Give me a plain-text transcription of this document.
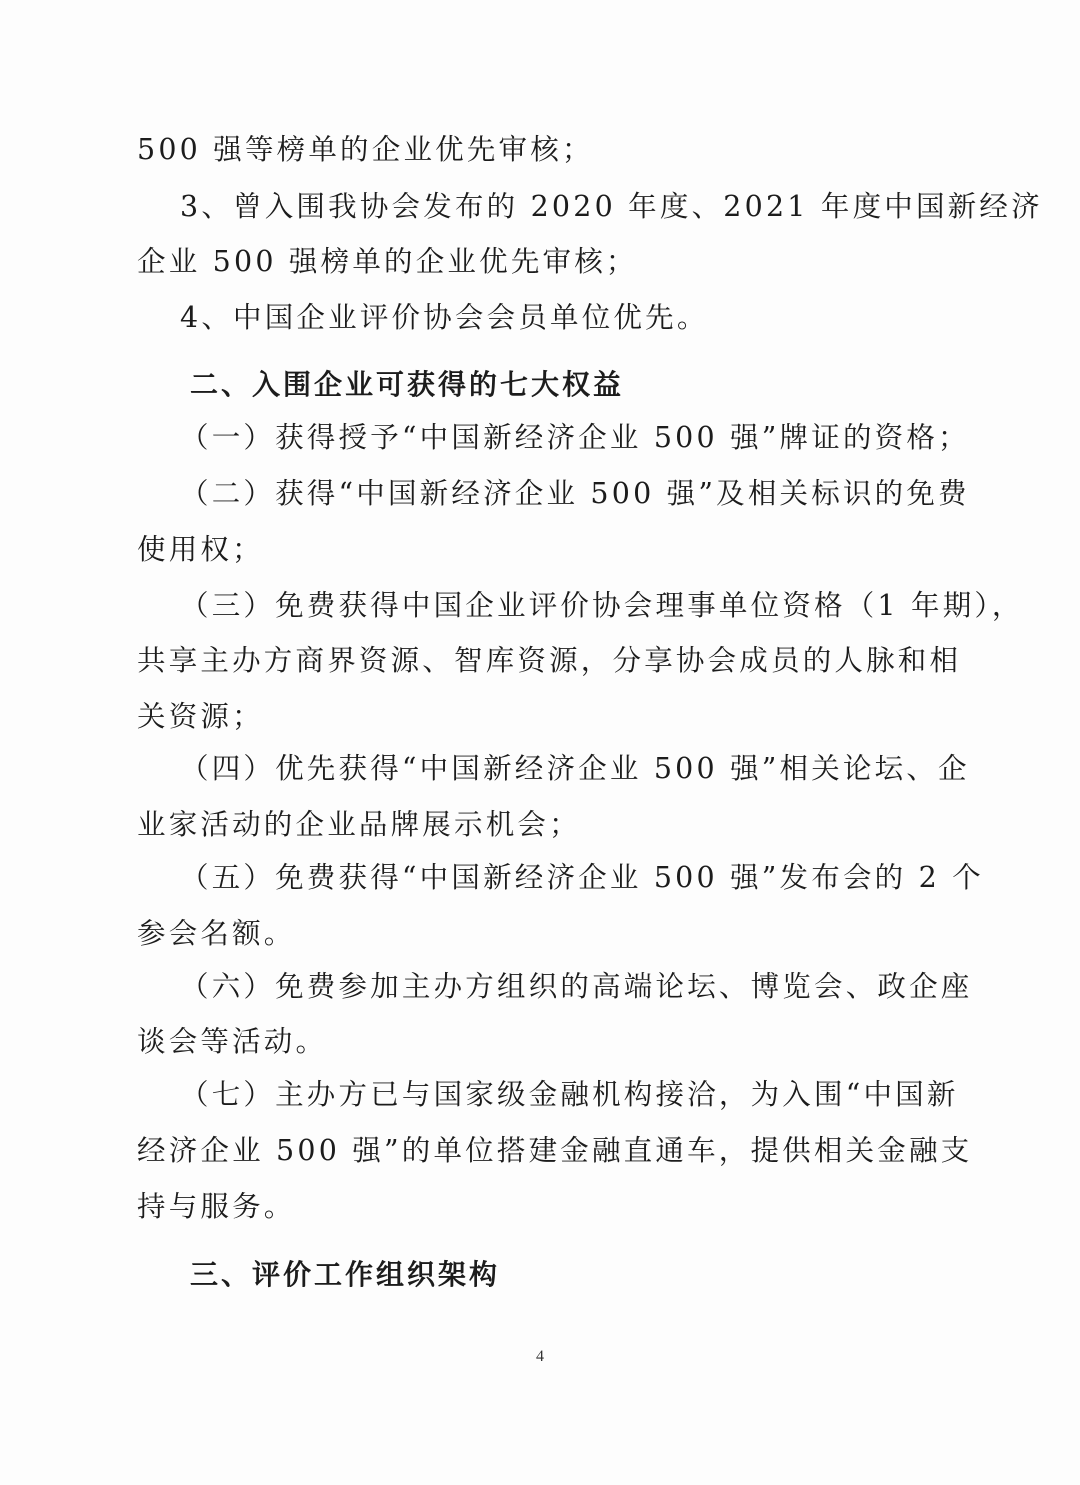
500 强等榜单的企业优先审核；
3、曾入围我协会发布的 2020 年度、2021 年度中国新经济
企业 500 强榜单的企业优先审核；
4、中国企业评价协会会员单位优先。
二、入围企业可获得的七大权益
（一）获得授予“中国新经济企业 500 强”牌证的资格；
（二）获得“中国新经济企业 500 强”及相关标识的免费
使用权；
（三）免费获得中国企业评价协会理事单位资格（1 年期），
共享主办方商界资源、智库资源，分享协会成员的人脉和相
关资源；
（四）优先获得“中国新经济企业 500 强”相关论坛、企
业家活动的企业品牌展示机会；
（五）免费获得“中国新经济企业 500 强”发布会的 2 个
参会名额。
（六）免费参加主办方组织的高端论坛、博览会、政企座
谈会等活动。
（七）主办方已与国家级金融机构接洽，为入围“中国新
经济企业 500 强”的单位搭建金融直通车，提供相关金融支
持与服务。
三、评价工作组织架构
4
